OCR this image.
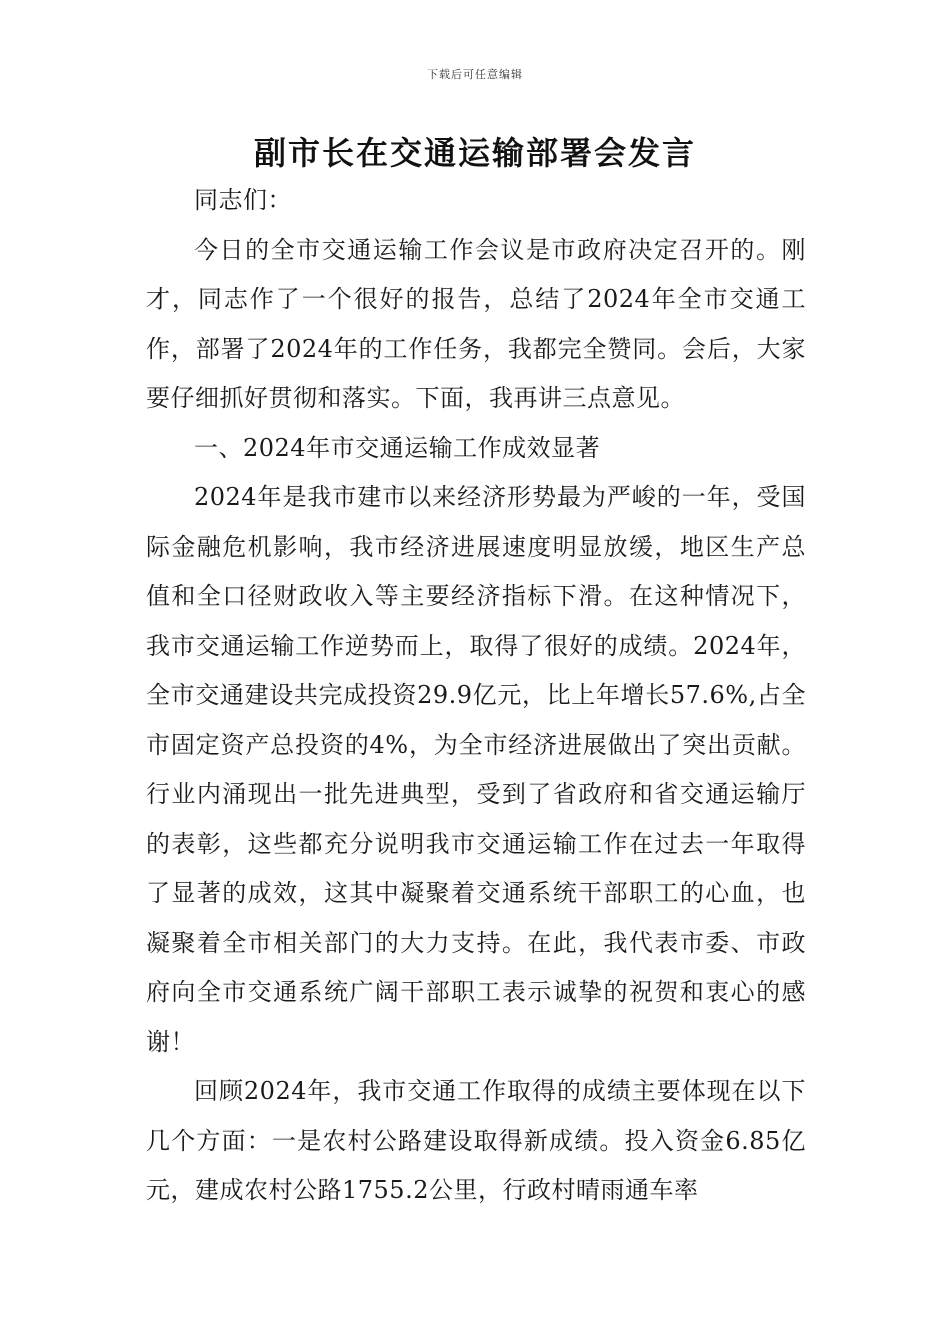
下载后可任意编辑
副市长在交通运输部署会发言

同志们：

今日的全市交通运输工作会议是市政府决定召开的。刚才，同志作了一个很好的报告，总结了2024年全市交通工作，部署了2024年的工作任务，我都完全赞同。会后，大家要仔细抓好贯彻和落实。下面，我再讲三点意见。

一、2024年市交通运输工作成效显著

2024年是我市建市以来经济形势最为严峻的一年，受国际金融危机影响，我市经济进展速度明显放缓，地区生产总值和全口径财政收入等主要经济指标下滑。在这种情况下，我市交通运输工作逆势而上，取得了很好的成绩。2024年，全市交通建设共完成投资29.9亿元，比上年增长57.6%,占全市固定资产总投资的4%，为全市经济进展做出了突出贡献。行业内涌现出一批先进典型，受到了省政府和省交通运输厅的表彰，这些都充分说明我市交通运输工作在过去一年取得了显著的成效，这其中凝聚着交通系统干部职工的心血，也凝聚着全市相关部门的大力支持。在此，我代表市委、市政府向全市交通系统广阔干部职工表示诚挚的祝贺和衷心的感谢！

回顾2024年，我市交通工作取得的成绩主要体现在以下几个方面：一是农村公路建设取得新成绩。投入资金6.85亿元，建成农村公路1755.2公里，行政村晴雨通车率
